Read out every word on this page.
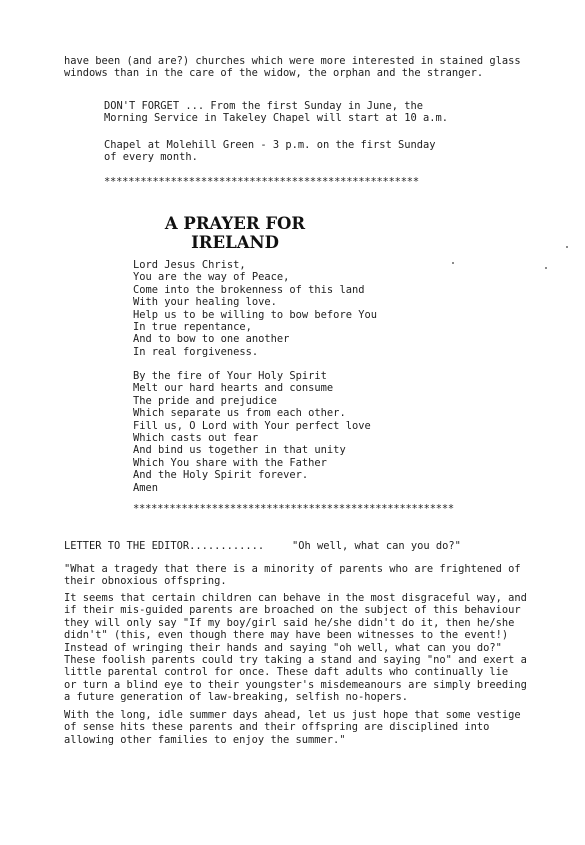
have been (and are?) churches which were more interested in stained glass
windows than in the care of the widow, the orphan and the stranger.
DON'T FORGET ... From the first Sunday in June, the
Morning Service in Takeley Chapel will start at 10 a.m.
Chapel at Molehill Green - 3 p.m. on the first Sunday
of every month.
****************************************************
A PRAYER FOR
IRELAND
Lord Jesus Christ,
You are the way of Peace,
Come into the brokenness of this land
With your healing love.
Help us to be willing to bow before You
In true repentance,
And to bow to one another
In real forgiveness.
By the fire of Your Holy Spirit
Melt our hard hearts and consume
The pride and prejudice
Which separate us from each other.
Fill us, O Lord with Your perfect love
Which casts out fear
And bind us together in that unity
Which You share with the Father
And the Holy Spirit forever.
Amen
*****************************************************
LETTER TO THE EDITOR............	"Oh well, what can you do?"
"What a tragedy that there is a minority of parents who are frightened of
their obnoxious offspring.
It seems that certain children can behave in the most disgraceful way, and
if their mis-guided parents are broached on the subject of this behaviour
they will only say "If my boy/girl said he/she didn't do it, then he/she
didn't" (this, even though there may have been witnesses to the event!)
Instead of wringing their hands and saying "oh well, what can you do?"
These foolish parents could try taking a stand and saying "no" and exert a
little parental control for once. These daft adults who continually lie
or turn a blind eye to their youngster's misdemeanours are simply breeding
a future generation of law-breaking, selfish no-hopers.
With the long, idle summer days ahead, let us just hope that some vestige
of sense hits these parents and their offspring are disciplined into
allowing other families to enjoy the summer."
